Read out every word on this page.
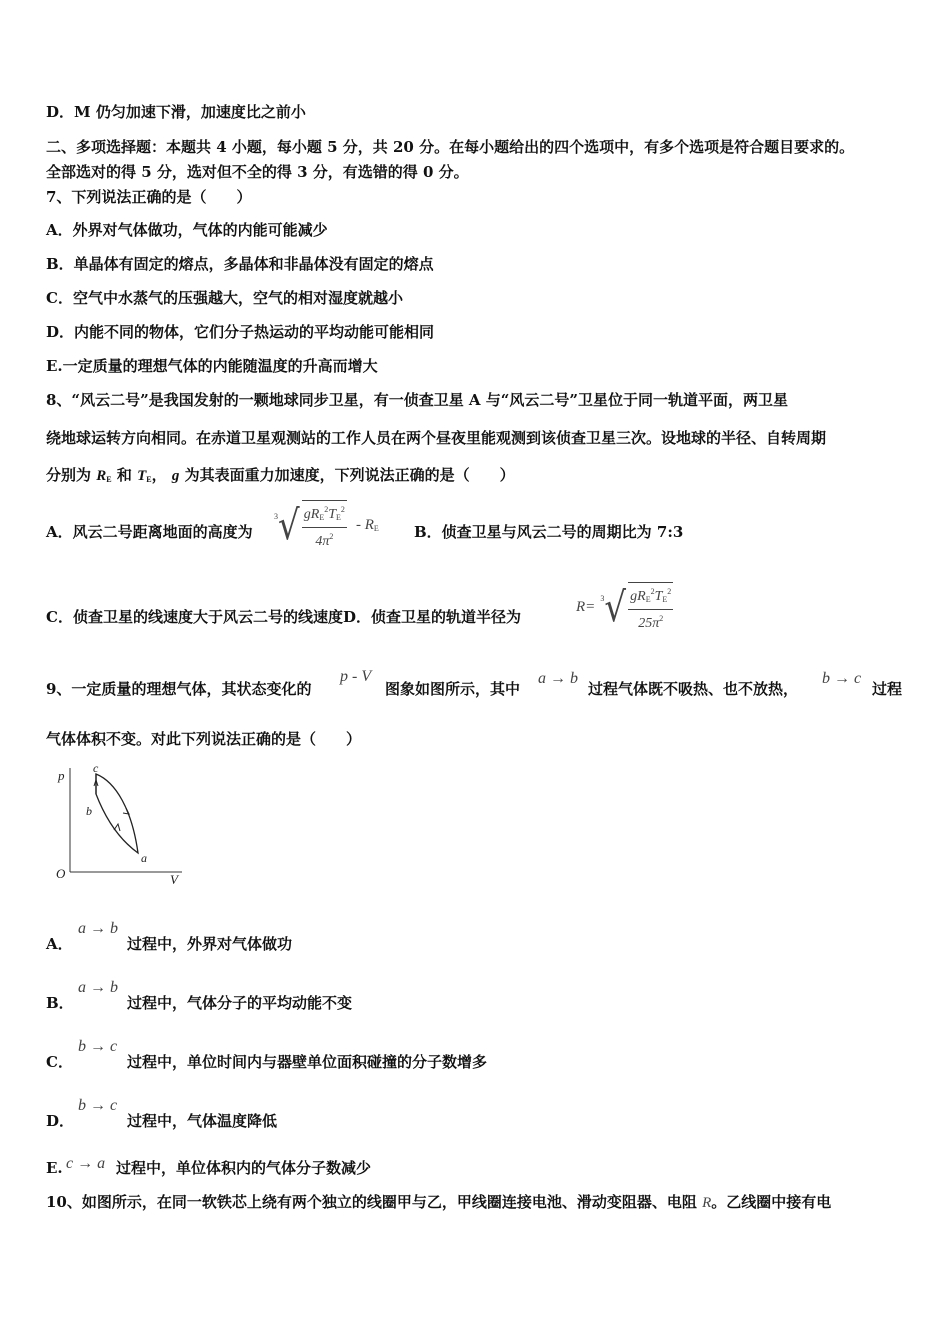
D．M 仍匀加速下滑，加速度比之前小
二、多项选择题：本题共 4 小题，每小题 5 分，共 20 分。在每小题给出的四个选项中，有多个选项是符合题目要求的。
全部选对的得 5 分，选对但不全的得 3 分，有选错的得 0 分。
7、下列说法正确的是（　　）
A．外界对气体做功，气体的内能可能减少
B．单晶体有固定的熔点，多晶体和非晶体没有固定的熔点
C．空气中水蒸气的压强越大，空气的相对湿度就越小
D．内能不同的物体，它们分子热运动的平均动能可能相同
E.一定质量的理想气体的内能随温度的升高而增大
8、“风云二号”是我国发射的一颗地球同步卫星，有一侦查卫星 A 与“风云二号”卫星位于同一轨道平面，两卫星
绕地球运转方向相同。在赤道卫星观测站的工作人员在两个昼夜里能观测到该侦查卫星三次。设地球的半径、自转周期
分别为 $R_E$ 和 $T_E$， g 为其表面重力加速度，下列说法正确的是（　　）
A．风云二号距离地面的高度为
3 √ $\frac{gR_E^2T_E^2}{4\pi^2} - R_E$ B．侦查卫星与风云二号的周期比为 7:3
C．侦查卫星的线速度大于风云二号的线速度D．侦查卫星的轨道半径为
R=
3 √ $\frac{gR_E^2T_E^2}{25\pi^2}$
9、一定质量的理想气体，其状态变化的
p - V
图象如图所示，其中
a → b
过程气体既不吸热、也不放热，
b → c
过程
气体体积不变。对此下列说法正确的是（　　）
p
V
O
c
b
a
A．
a → b
过程中，外界对气体做功
B．
a → b
过程中，气体分子的平均动能不变
C．
b → c
过程中，单位时间内与器壁单位面积碰撞的分子数增多
D．
b → c
过程中，气体温度降低
E. c → a 过程中，单位体积内的气体分子数减少
10、如图所示，在同一软铁芯上绕有两个独立的线圈甲与乙，甲线圈连接电池、滑动变阻器、电阻 R。乙线圈中接有电
